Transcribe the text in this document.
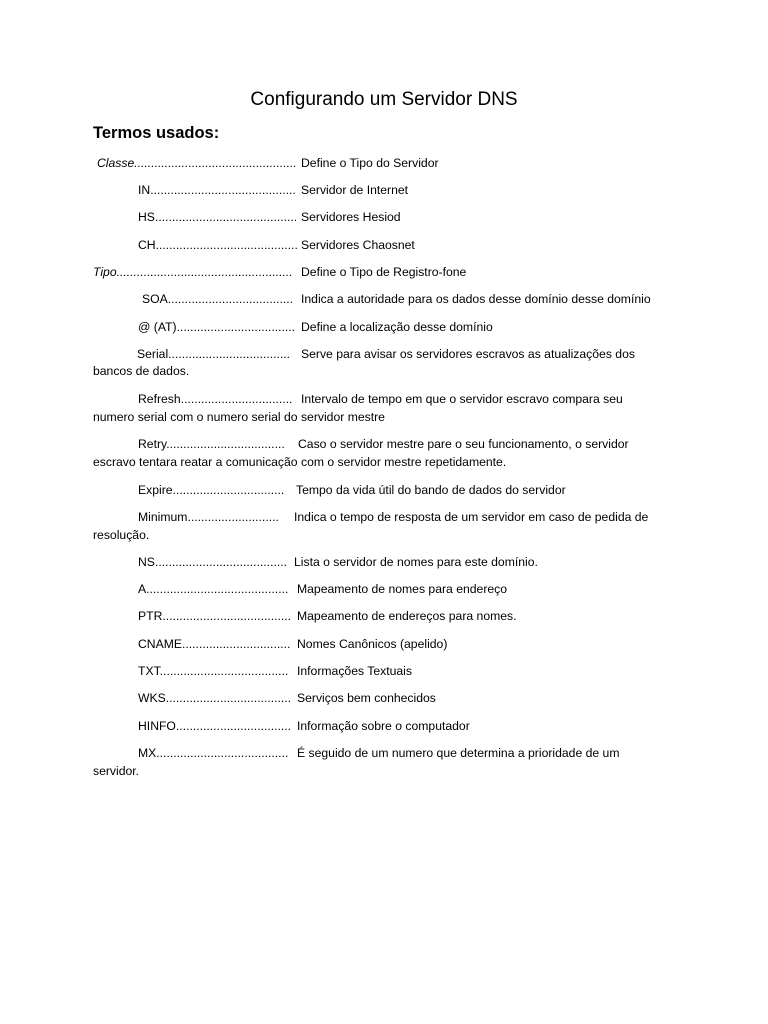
Configurando um Servidor DNS
Termos usados:
Classe................................................ Define o Tipo do Servidor
IN........................................... Servidor de Internet
HS.......................................... Servidores Hesiod
CH.......................................... Servidores Chaosnet
Tipo.................................................... Define o Tipo de Registro-fone
SOA..................................... Indica a autoridade para os dados desse domínio desse domínio
@ (AT)................................... Define a localização desse domínio
Serial.................................... Serve para avisar os servidores escravos as atualizações dos
bancos de dados.
Refresh................................. Intervalo de tempo em que o servidor escravo compara seu
numero serial com o numero serial do servidor mestre
Retry................................... Caso o servidor mestre pare o seu funcionamento, o servidor
escravo tentara reatar a comunicação com o servidor mestre repetidamente.
Expire................................. Tempo da vida útil do bando de dados do servidor
Minimum........................... Indica o tempo de resposta de um servidor em caso de pedida de
resolução.
NS....................................... Lista o servidor de nomes para este domínio.
A.......................................... Mapeamento de nomes para endereço
PTR...................................... Mapeamento de endereços para nomes.
CNAME................................ Nomes Canônicos (apelido)
TXT...................................... Informações Textuais
WKS..................................... Serviços bem conhecidos
HINFO.................................. Informação sobre o computador
MX....................................... É seguido de um numero que determina a prioridade de um
servidor.
